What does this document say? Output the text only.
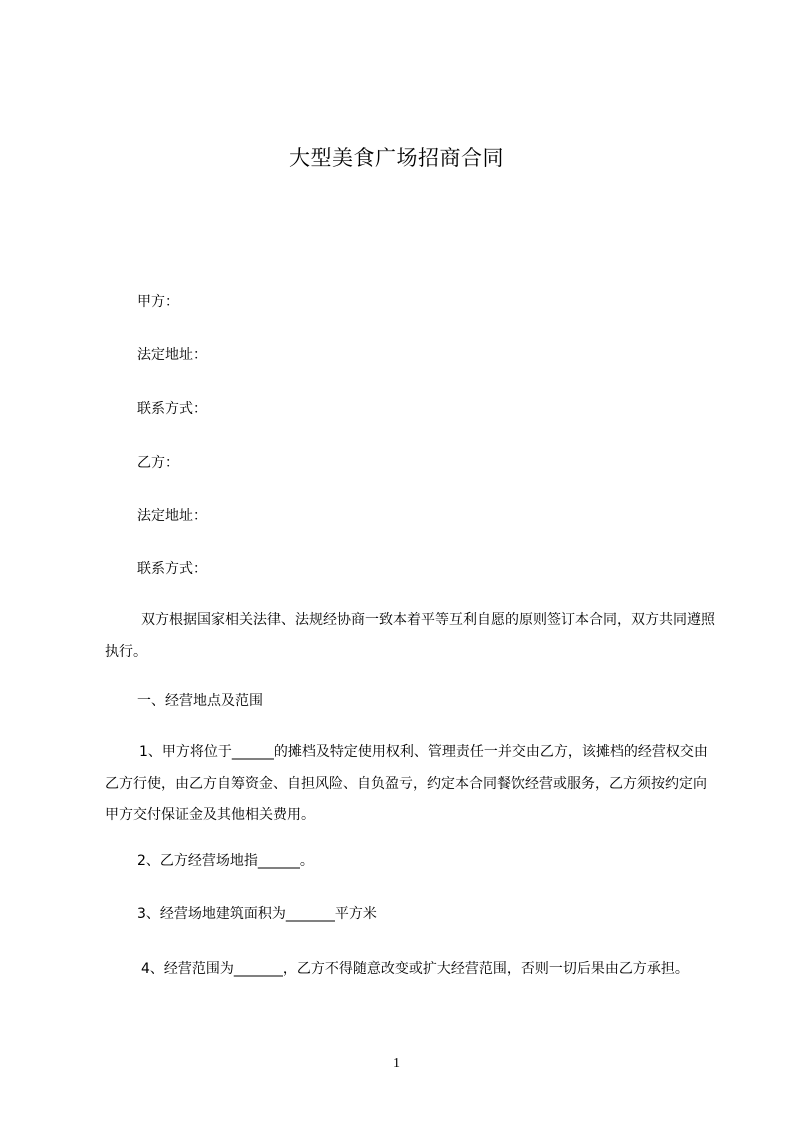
大型美食广场招商合同
甲方：
法定地址：
联系方式：
乙方：
法定地址：
联系方式：
双方根据国家相关法律、法规经协商一致本着平等互利自愿的原则签订本合同，双方共同遵照执行。
一、经营地点及范围
1、甲方将位于______的摊档及特定使用权利、管理责任一并交由乙方，该摊档的经营权交由乙方行使，由乙方自筹资金、自担风险、自负盈亏，约定本合同餐饮经营或服务，乙方须按约定向甲方交付保证金及其他相关费用。
2、乙方经营场地指______。
3、经营场地建筑面积为_______平方米
4、经营范围为_______，乙方不得随意改变或扩大经营范围，否则一切后果由乙方承担。
1
